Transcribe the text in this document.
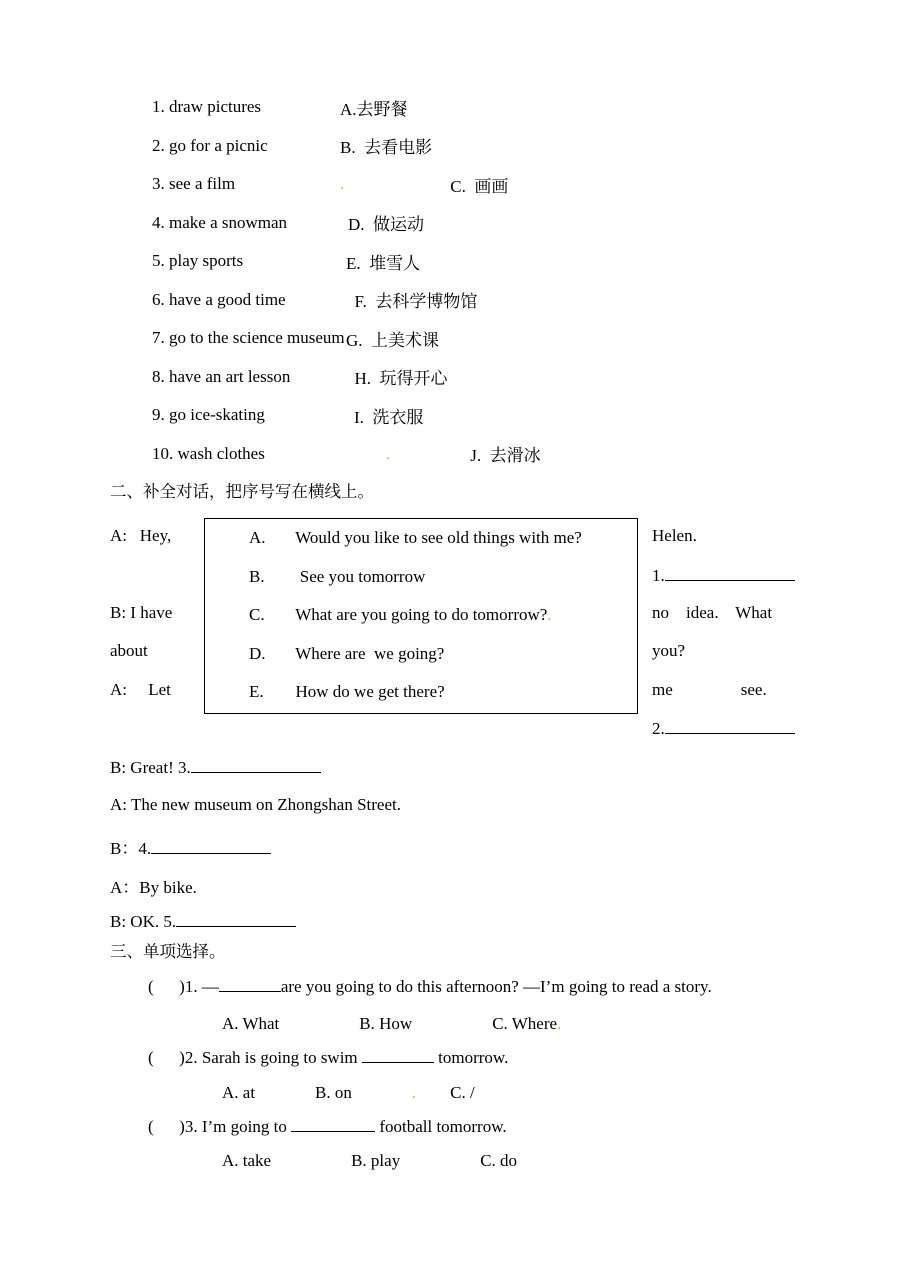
1. draw pictures	A.去野餐
2. go for a picnic	B.  去看电影
3. see a film	.	C.  画画
4. make a snowman	D.  做运动
5. play sports	E.  堆雪人
6. have a good time	F.  去科学博物馆
7. go to the science museum G.  上美术课
8. have an art lesson	H.  玩得开心
9. go ice-skating	I.  洗衣服
10. wash clothes	.	J.  去滑冰
二、补全对话，把序号写在横线上。
A:   Hey,	Helen.
1.
B: I have	no    idea.    What
about	you?
A:     Let	me                see.
2.
B: Great! 3.
A: The new museum on Zhongshan Street.
B：4.
A：By bike.
B: OK. 5.
A.	Would you like to see old things with me?
B.	See you tomorrow
C.	What are you going to do tomorrow? .
D.	Where are  we going?
E.	How do we get there?
三、单项选择。
(      )1. —	are you going to do this afternoon? —I’m going to read a story.
A. What	B. How	C. Where.
(      )2. Sarah is going to swim	tomorrow.
A. at	B. on	. C. /
(      )3. I’m going to	football tomorrow.
A. take	B. play	C. do
